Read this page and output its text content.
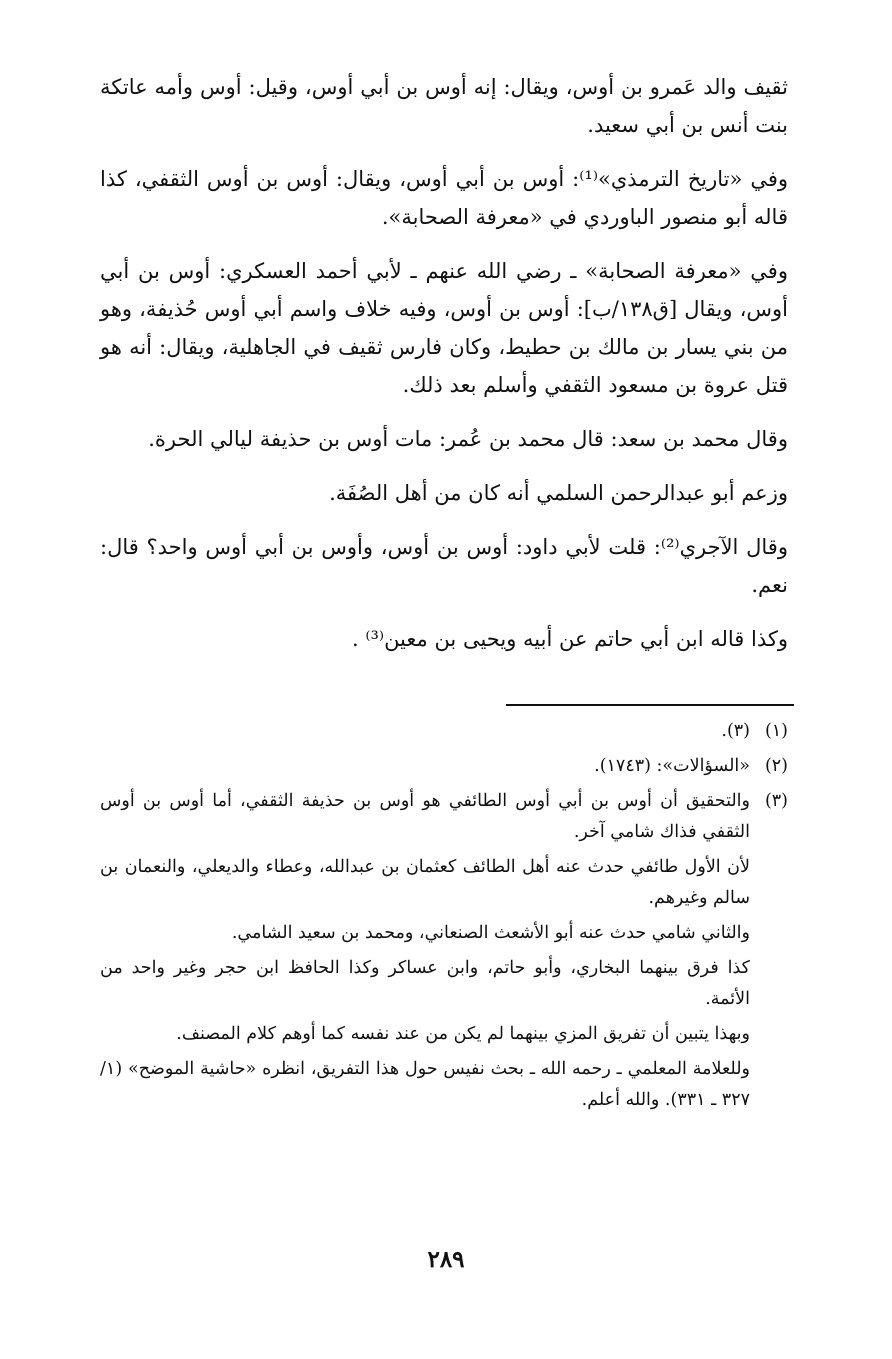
ثقيف والد عَمرو بن أوس، ويقال: إنه أوس بن أبي أوس، وقيل: أوس وأمه عاتكة بنت أنس بن أبي سعيد.

وفي «تاريخ الترمذي»⁽¹⁾: أوس بن أبي أوس، ويقال: أوس بن أوس الثقفي، كذا قاله أبو منصور الباوردي في «معرفة الصحابة».

وفي «معرفة الصحابة» ـ رضي الله عنهم ـ لأبي أحمد العسكري: أوس بن أبي أوس، ويقال [ق١٣٨/ب]: أوس بن أوس، وفيه خلاف واسم أبي أوس حُذيفة، وهو من بني يسار بن مالك بن حطيط، وكان فارس ثقيف في الجاهلية، ويقال: أنه هو قتل عروة بن مسعود الثقفي وأسلم بعد ذلك.

وقال محمد بن سعد: قال محمد بن عُمر: مات أوس بن حذيفة ليالي الحرة.

وزعم أبو عبدالرحمن السلمي أنه كان من أهل الصُفَة.

وقال الآجري⁽²⁾: قلت لأبي داود: أوس بن أوس، وأوس بن أبي أوس واحد؟ قال: نعم.

وكذا قاله ابن أبي حاتم عن أبيه ويحيى بن معين⁽³⁾ .

(١)

(٣).

(٢)

«السؤالات»: (١٧٤٣).

(٣)

والتحقيق أن أوس بن أبي أوس الطائفي هو أوس بن حذيفة الثقفي، أما أوس بن أوس الثقفي فذاك شامي آخر.

لأن الأول طائفي حدث عنه أهل الطائف كعثمان بن عبدالله، وعطاء والديعلي، والنعمان بن سالم وغيرهم.

والثاني شامي حدث عنه أبو الأشعث الصنعاني، ومحمد بن سعيد الشامي.

كذا فرق بينهما البخاري، وأبو حاتم، وابن عساكر وكذا الحافظ ابن حجر وغير واحد من الأئمة.

وبهذا يتبين أن تفريق المزي بينهما لم يكن من عند نفسه كما أوهم كلام المصنف.

وللعلامة المعلمي ـ رحمه الله ـ بحث نفيس حول هذا التفريق، انظره «حاشية الموضح» (١/ ٣٢٧ ـ ٣٣١). والله أعلم.

٢٨٩
